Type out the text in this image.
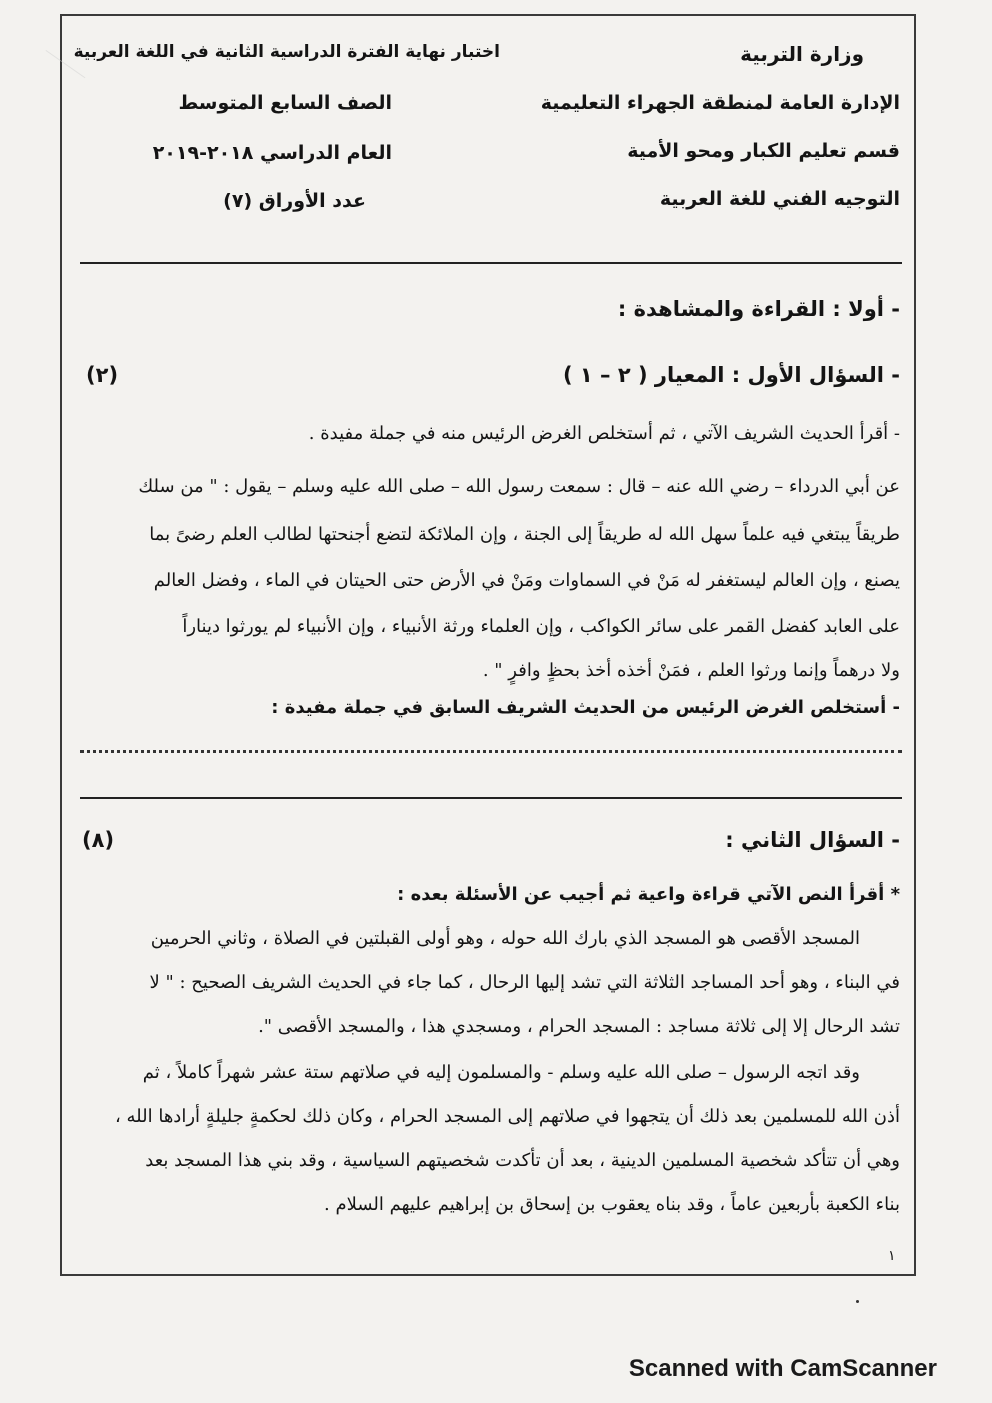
وزارة التربية
الإدارة العامة لمنطقة الجهراء التعليمية
قسم تعليم الكبار ومحو الأمية
التوجيه الفني للغة العربية
اختبار نهاية الفترة الدراسية الثانية في اللغة العربية
الصف السابع المتوسط
العام الدراسي ٢٠١٨-٢٠١٩
عدد الأوراق (٧)
- أولا : القراءة والمشاهدة :
- السؤال الأول : المعيار ( ٢ – ١ )
(٢)
- أقرأ الحديث الشريف الآتي ، ثم أستخلص الغرض الرئيس منه في جملة مفيدة .
عن أبي الدرداء – رضي الله عنه – قال : سمعت رسول الله – صلى الله عليه وسلم – يقول : " من سلك
طريقاً يبتغي فيه علماً سهل الله له طريقاً إلى الجنة ، وإن الملائكة لتضع أجنحتها لطالب العلم رضىً بما
يصنع ، وإن العالم ليستغفر له مَنْ في السماوات ومَنْ في الأرض حتى الحيتان في الماء ، وفضل العالم
على العابد كفضل القمر على سائر الكواكب ، وإن العلماء ورثة الأنبياء ، وإن الأنبياء لم يورثوا ديناراً
ولا درهماً وإنما ورثوا العلم ، فمَنْ أخذه أخذ بحظٍ وافرٍ " .
- أستخلص الغرض الرئيس من الحديث الشريف السابق في جملة مفيدة :
- السؤال الثاني :
(٨)
* أقرأ النص الآتي قراءة واعية ثم أجيب عن الأسئلة بعده :
المسجد الأقصى هو المسجد الذي بارك الله حوله ، وهو أولى القبلتين في الصلاة ، وثاني الحرمين
في البناء ، وهو أحد المساجد الثلاثة التي تشد إليها الرحال ، كما جاء في الحديث الشريف الصحيح : " لا
تشد الرحال إلا إلى ثلاثة مساجد : المسجد الحرام ، ومسجدي هذا ، والمسجد الأقصى ".
وقد اتجه الرسول – صلى الله عليه وسلم - والمسلمون إليه في صلاتهم ستة عشر شهراً كاملاً ، ثم
أذن الله للمسلمين بعد ذلك أن يتجهوا في صلاتهم إلى المسجد الحرام ، وكان ذلك لحكمةٍ جليلةٍ أرادها الله ،
وهي أن تتأكد شخصية المسلمين الدينية ، بعد أن تأكدت شخصيتهم السياسية ، وقد بني هذا المسجد بعد
بناء الكعبة بأربعين عاماً ، وقد بناه يعقوب بن إسحاق بن إبراهيم عليهم السلام .
١
Scanned with CamScanner
